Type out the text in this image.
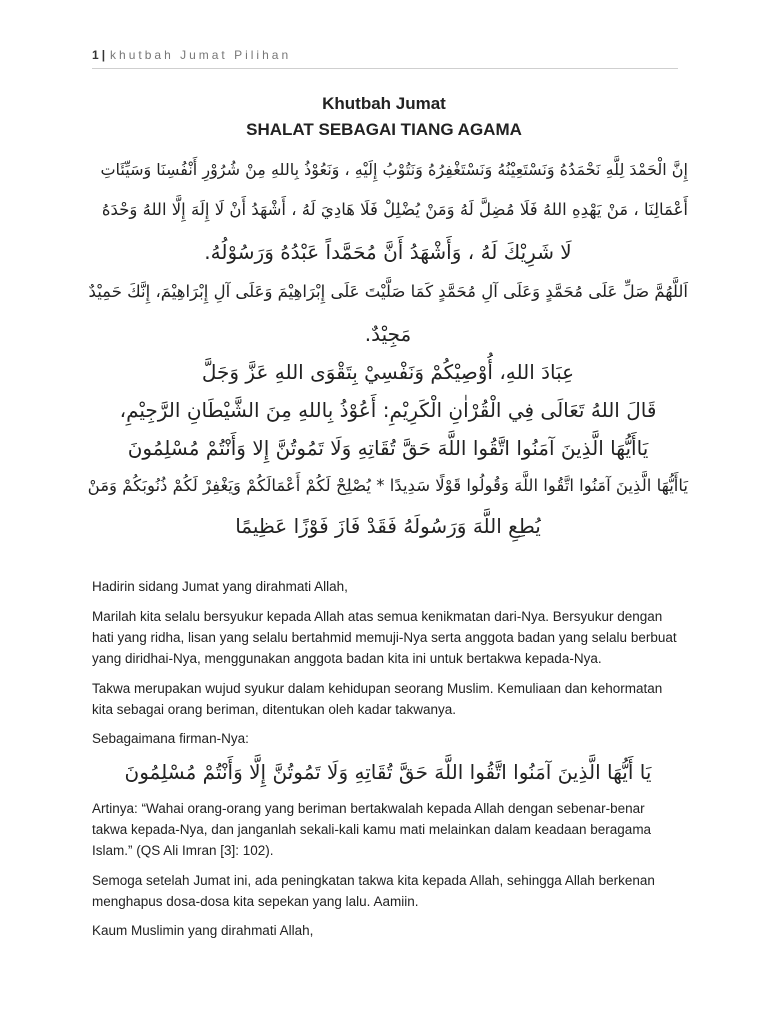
1 | khutbah Jumat Pilihan
Khutbah Jumat
SHALAT SEBAGAI TIANG AGAMA
إِنَّ الْحَمْدَ لِلَّهِ نَحْمَدُهُ وَنَسْتَعِيْنُهُ وَنَسْتَغْفِرُهُ وَنَتُوْبُ إِلَيْهِ ، وَنَعُوْذُ بِاللهِ مِنْ شُرُوْرِ أَنْفُسِنَا وَسَيِّئَاتِ
أَعْمَالِنَا ، مَنْ يَهْدِهِ اللهُ فَلَا مُضِلَّ لَهُ وَمَنْ يُضْلِلْ فَلَا هَادِيَ لَهُ ، أَشْهَدُ أَنْ لَا إِلَهَ إِلَّا اللهُ وَحْدَهُ
لَا شَرِيْكَ لَهُ ، وَأَشْهَدُ أَنَّ مُحَمَّداً عَبْدُهُ وَرَسُوْلُهُ.
اَللَّهُمَّ صَلِّ عَلَى مُحَمَّدٍ وَعَلَى آلِ مُحَمَّدٍ كَمَا صَلَّيْتَ عَلَى إِبْرَاهِيْمَ وَعَلَى آلِ إِبْرَاهِيْمَ، إِنَّكَ حَمِيْدٌ
مَجِيْدٌ.
عِبَادَ اللهِ، أُوْصِيْكُمْ وَنَفْسِيْ بِتَقْوَى اللهِ عَزَّ وَجَلَّ
قَالَ اللهُ تَعَالَى فِي الْقُرْاٰنِ الْكَرِيْمِ: أَعُوْذُ بِاللهِ مِنَ الشَّيْطَانِ الرَّجِيْمِ،
يَاأَيُّهَا الَّذِينَ آمَنُوا اتَّقُوا اللَّهَ حَقَّ تُقَاتِهِ وَلَا تَمُوتُنَّ إِلا وَأَنْتُمْ مُسْلِمُونَ
يَاأَيُّهَا الَّذِينَ آمَنُوا اتَّقُوا اللَّهَ وَقُولُوا قَوْلًا سَدِيدًا * يُصْلِحْ لَكُمْ أَعْمَالَكُمْ وَيَغْفِرْ لَكُمْ ذُنُوبَكُمْ وَمَنْ
يُطِعِ اللَّهَ وَرَسُولَهُ فَقَدْ فَازَ فَوْزًا عَظِيمًا
Hadirin sidang Jumat yang dirahmati Allah,
Marilah kita selalu bersyukur kepada Allah atas semua kenikmatan dari-Nya. Bersyukur dengan hati yang ridha, lisan yang selalu bertahmid memuji-Nya serta anggota badan yang selalu berbuat yang diridhai-Nya, menggunakan anggota badan kita ini untuk bertakwa kepada-Nya.
Takwa merupakan wujud syukur dalam kehidupan seorang Muslim. Kemuliaan dan kehormatan kita sebagai orang beriman, ditentukan oleh kadar takwanya.
Sebagaimana firman-Nya:
يَا أَيُّهَا الَّذِينَ آمَنُوا اتَّقُوا اللَّهَ حَقَّ تُقَاتِهِ وَلَا تَمُوتُنَّ إِلَّا وَأَنْتُمْ مُسْلِمُونَ
Artinya: “Wahai orang-orang yang beriman bertakwalah kepada Allah dengan sebenar-benar takwa kepada-Nya, dan janganlah sekali-kali kamu mati melainkan dalam keadaan beragama Islam.” (QS Ali Imran [3]: 102).
Semoga setelah Jumat ini, ada peningkatan takwa kita kepada Allah, sehingga Allah berkenan menghapus dosa-dosa kita sepekan yang lalu. Aamiin.
Kaum Muslimin yang dirahmati Allah,
